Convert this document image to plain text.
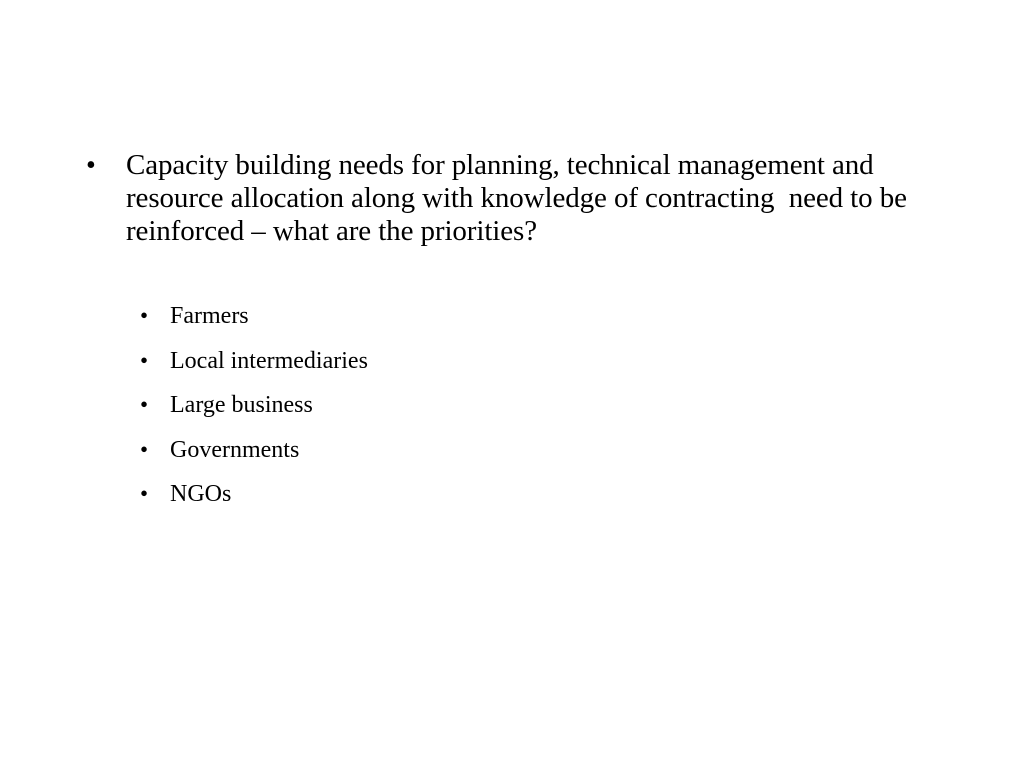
•	Capacity building needs for planning, technical management and resource allocation along with knowledge of contracting  need to be reinforced – what are the priorities?
• Farmers
• Local intermediaries
• Large business
• Governments
• NGOs
